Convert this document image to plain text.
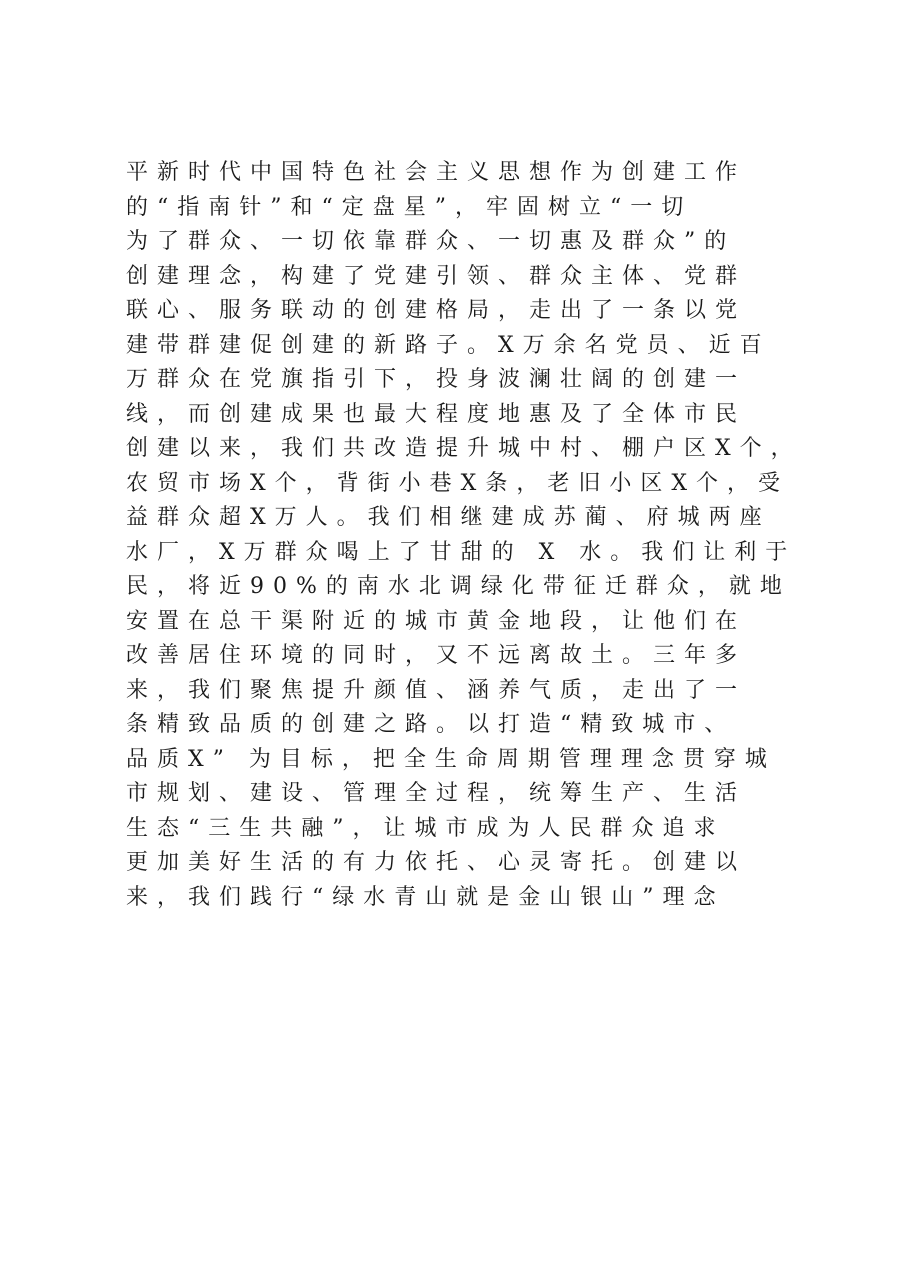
平新时代中国特色社会主义思想作为创建工作
的“指南针”和“定盘星”，牢固树立“一切
为了群众、一切依靠群众、一切惠及群众”的
创建理念，构建了党建引领、群众主体、党群
联心、服务联动的创建格局，走出了一条以党
建带群建促创建的新路子。X万余名党员、近百
万群众在党旗指引下，投身波澜壮阔的创建一
线，而创建成果也最大程度地惠及了全体市民
创建以来，我们共改造提升城中村、棚户区X个，
农贸市场X个，背街小巷X条，老旧小区X个，受
益群众超X万人。我们相继建成苏蔺、府城两座
水厂，X万群众喝上了甘甜的 X 水。我们让利于
民，将近90%的南水北调绿化带征迁群众，就地
安置在总干渠附近的城市黄金地段，让他们在
改善居住环境的同时，又不远离故土。三年多
来，我们聚焦提升颜值、涵养气质，走出了一
条精致品质的创建之路。以打造“精致城市、
品质X” 为目标，把全生命周期管理理念贯穿城
市规划、建设、管理全过程，统筹生产、生活
生态“三生共融”，让城市成为人民群众追求
更加美好生活的有力依托、心灵寄托。创建以
来，我们践行“绿水青山就是金山银山”理念
